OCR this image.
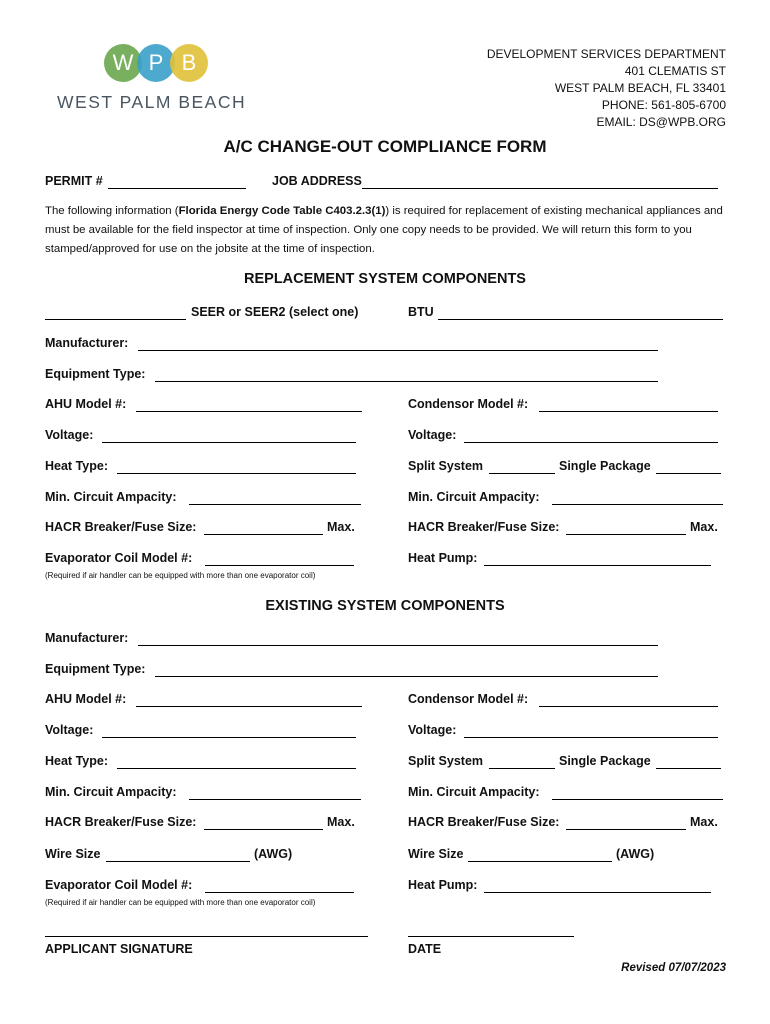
W P B
WEST PALM BEACH
DEVELOPMENT SERVICES DEPARTMENT
401 CLEMATIS ST
WEST PALM BEACH, FL 33401
PHONE: 561-805-6700
EMAIL: DS@WPB.ORG
A/C CHANGE-OUT COMPLIANCE FORM
PERMIT #	JOB ADDRESS
The following information (Florida Energy Code Table C403.2.3(1)) is required for replacement of existing mechanical appliances and must be available for the field inspector at time of inspection. Only one copy needs to be provided. We will return this form to you stamped/approved for use on the jobsite at the time of inspection.
REPLACEMENT SYSTEM COMPONENTS
SEER or SEER2 (select one)	BTU
Manufacturer:
Equipment Type:
AHU Model #:	Condensor Model #:
Voltage:	Voltage:
Heat Type:	Split System	Single Package
Min. Circuit Ampacity:	Min. Circuit Ampacity:
HACR Breaker/Fuse Size:	Max.	HACR Breaker/Fuse Size:	Max.
Evaporator Coil Model #:	Heat Pump:
(Required if air handler can be equipped with more than one evaporator coil)
EXISTING SYSTEM COMPONENTS
Manufacturer:
Equipment Type:
AHU Model #:	Condensor Model #:
Voltage:	Voltage:
Heat Type:	Split System	Single Package
Min. Circuit Ampacity:	Min. Circuit Ampacity:
HACR Breaker/Fuse Size:	Max.	HACR Breaker/Fuse Size:	Max.
Wire Size	(AWG)	Wire Size	(AWG)
Evaporator Coil Model #:	Heat Pump:
(Required if air handler can be equipped with more than one evaporator coil)
APPLICANT SIGNATURE	DATE
Revised 07/07/2023
